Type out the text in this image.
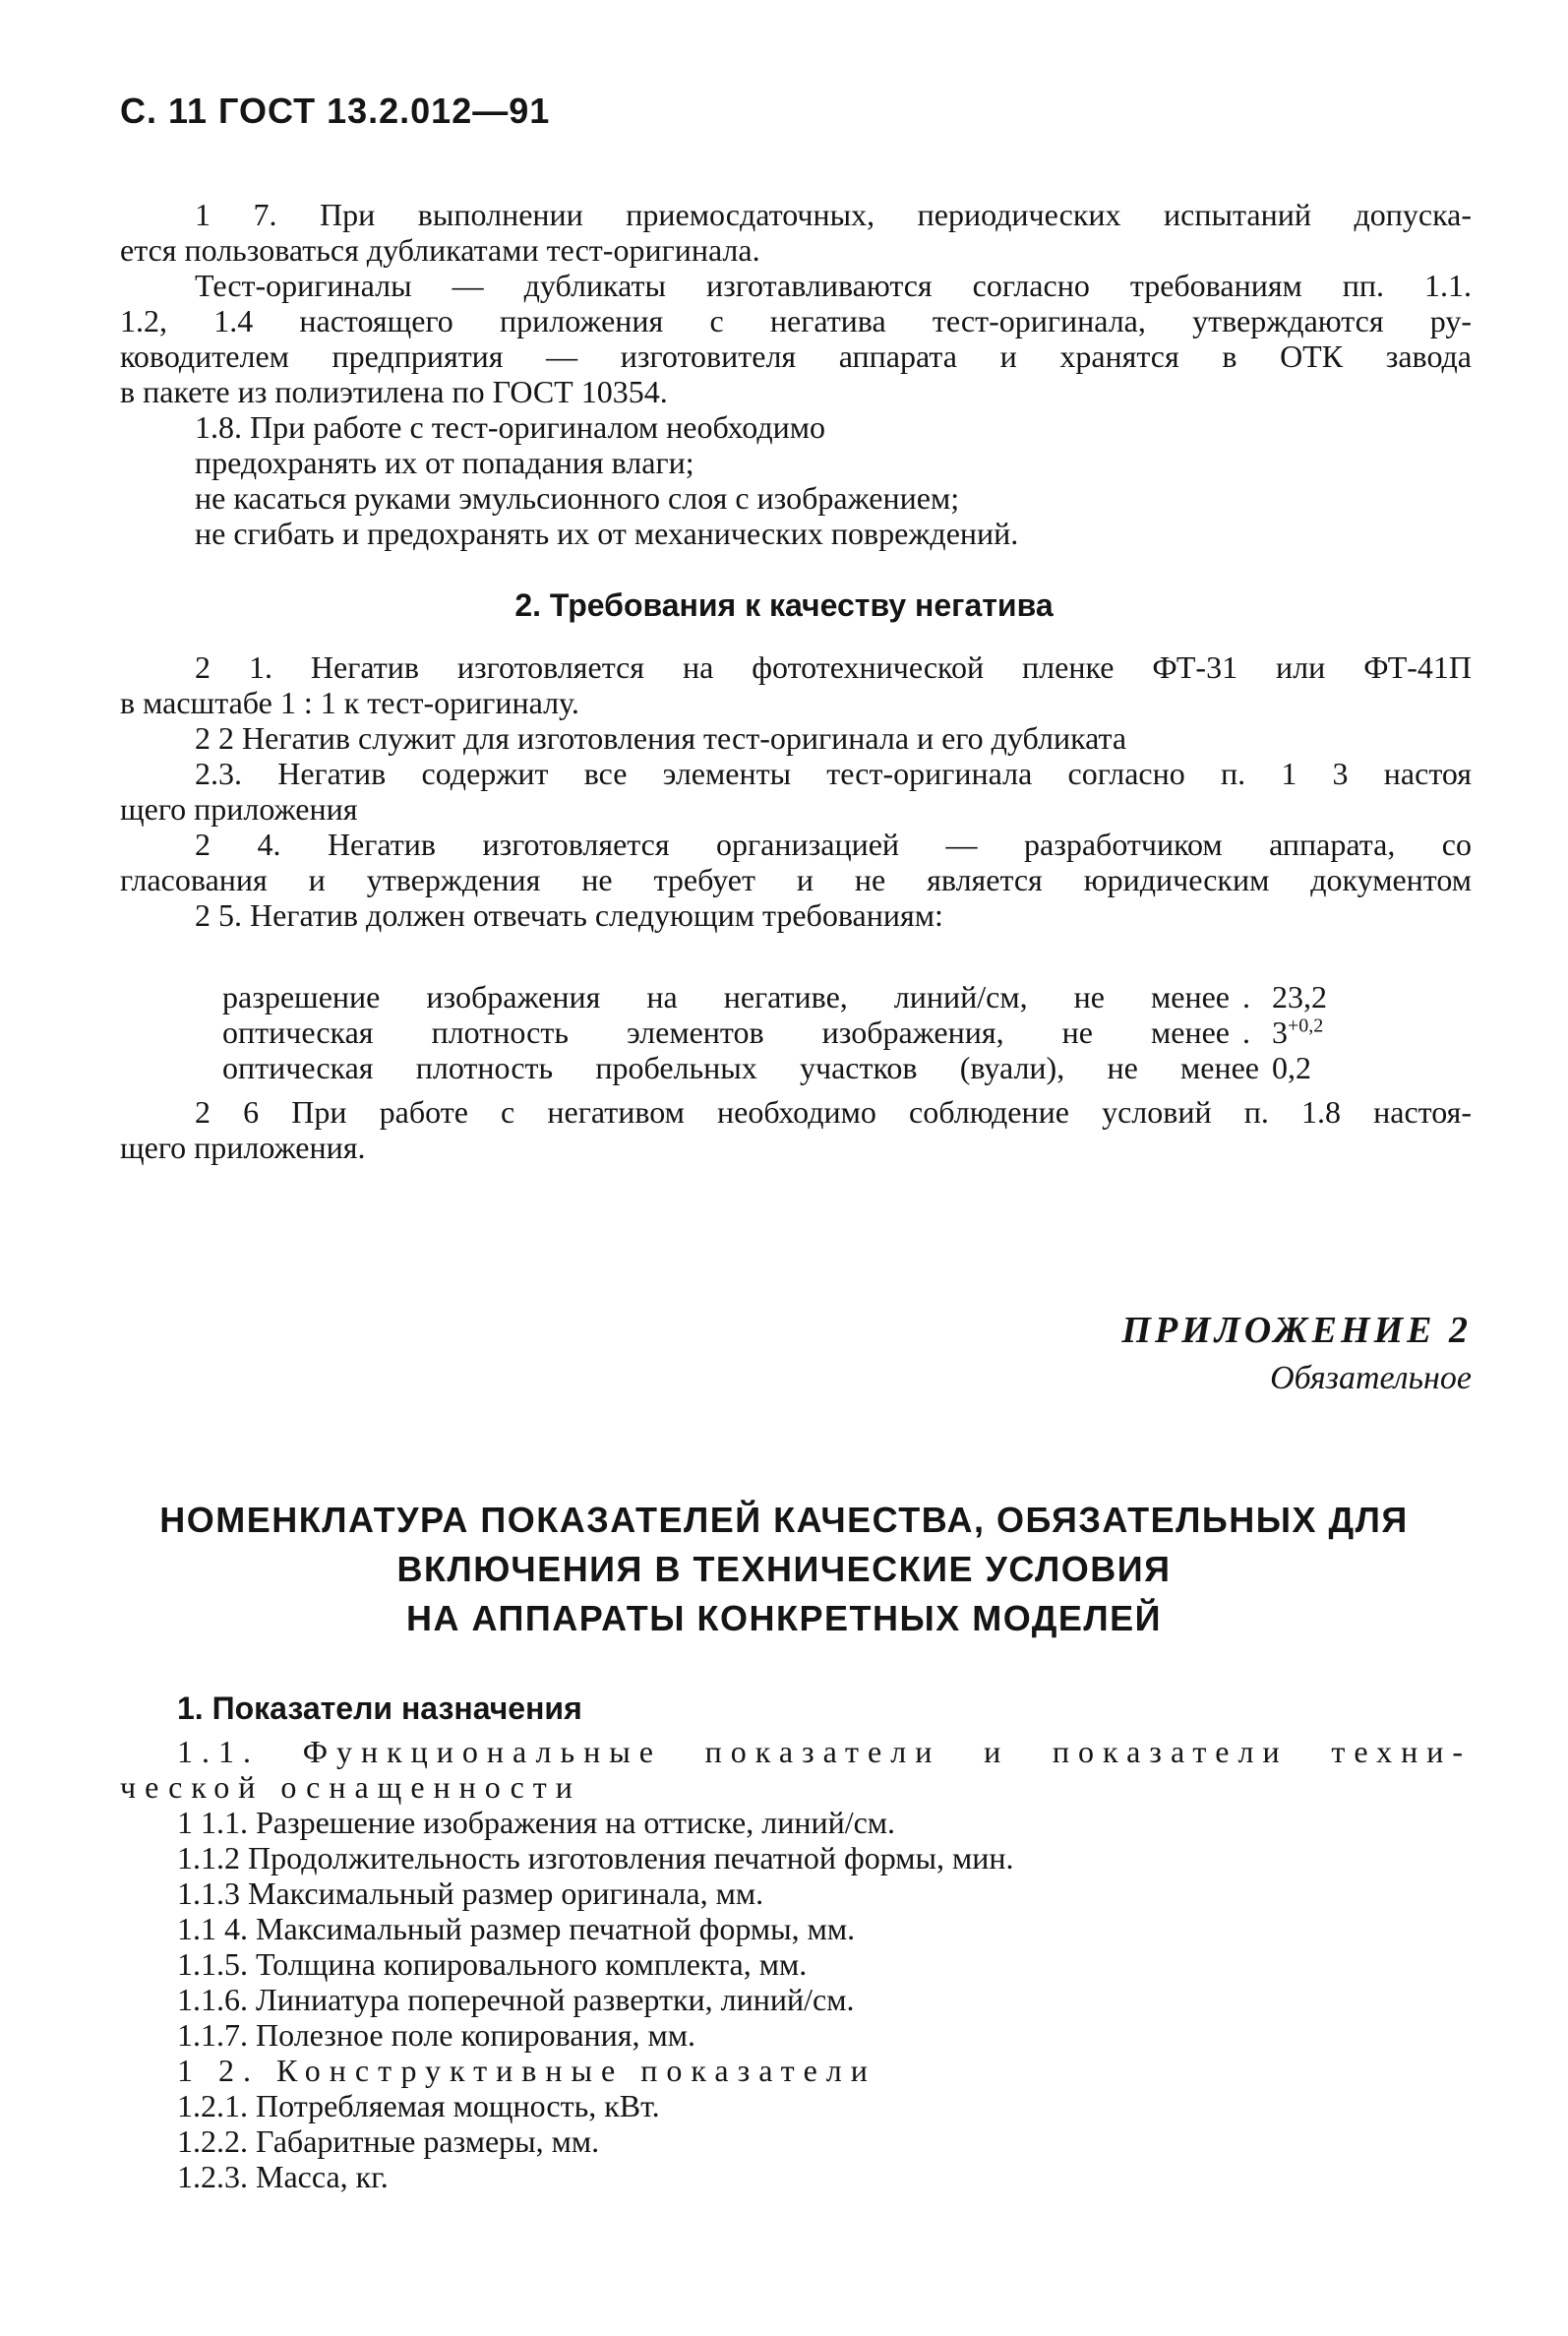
С. 11 ГОСТ 13.2.012—91
1 7. При выполнении приемосдаточных, периодических испытаний допуска-
ется пользоваться дубликатами тест-оригинала.
Тест-оригиналы — дубликаты изготавливаются согласно требованиям пп. 1.1.
1.2, 1.4 настоящего приложения с негатива тест-оригинала, утверждаются ру-
ководителем предприятия — изготовителя аппарата и хранятся в ОТК завода
в пакете из полиэтилена по ГОСТ 10354.
1.8. При работе с тест-оригиналом необходимо
предохранять их от попадания влаги;
не касаться руками эмульсионного слоя с изображением;
не сгибать и предохранять их от механических повреждений.
2. Требования к качеству негатива
2 1. Негатив изготовляется на фототехнической пленке ФТ-31 или ФТ-41П
в масштабе 1 : 1 к тест-оригиналу.
2 2 Негатив служит для изготовления тест-оригинала и его дубликата
2.3. Негатив содержит все элементы тест-оригинала согласно п. 1 3 настоя
щего приложения
2 4. Негатив изготовляется организацией — разработчиком аппарата, со
гласования и утверждения не требует и не является юридическим документом
2 5. Негатив должен отвечать следующим требованиям:
разрешение изображения на негативе, линий/см, не менее . 23,2
оптическая плотность элементов изображения, не менее . $3^{+0,2}$
оптическая плотность пробельных участков (вуали), не менее 0,2
2 6 При работе с негативом необходимо соблюдение условий п. 1.8 настоя-
щего приложения.
ПРИЛОЖЕНИЕ 2
Обязательное
НОМЕНКЛАТУРА ПОКАЗАТЕЛЕЙ КАЧЕСТВА, ОБЯЗАТЕЛЬНЫХ ДЛЯ
ВКЛЮЧЕНИЯ В ТЕХНИЧЕСКИЕ УСЛОВИЯ
НА АППАРАТЫ КОНКРЕТНЫХ МОДЕЛЕЙ
1. Показатели назначения
1.1. Функциональные показатели и показатели техни-
ческой оснащенности
1 1.1. Разрешение изображения на оттиске, линий/см.
1.1.2 Продолжительность изготовления печатной формы, мин.
1.1.3 Максимальный размер оригинала, мм.
1.1 4. Максимальный размер печатной формы, мм.
1.1.5. Толщина копировального комплекта, мм.
1.1.6. Линиатура поперечной развертки, линий/см.
1.1.7. Полезное поле копирования, мм.
1 2. Конструктивные показатели
1.2.1. Потребляемая мощность, кВт.
1.2.2. Габаритные размеры, мм.
1.2.3. Масса, кг.
